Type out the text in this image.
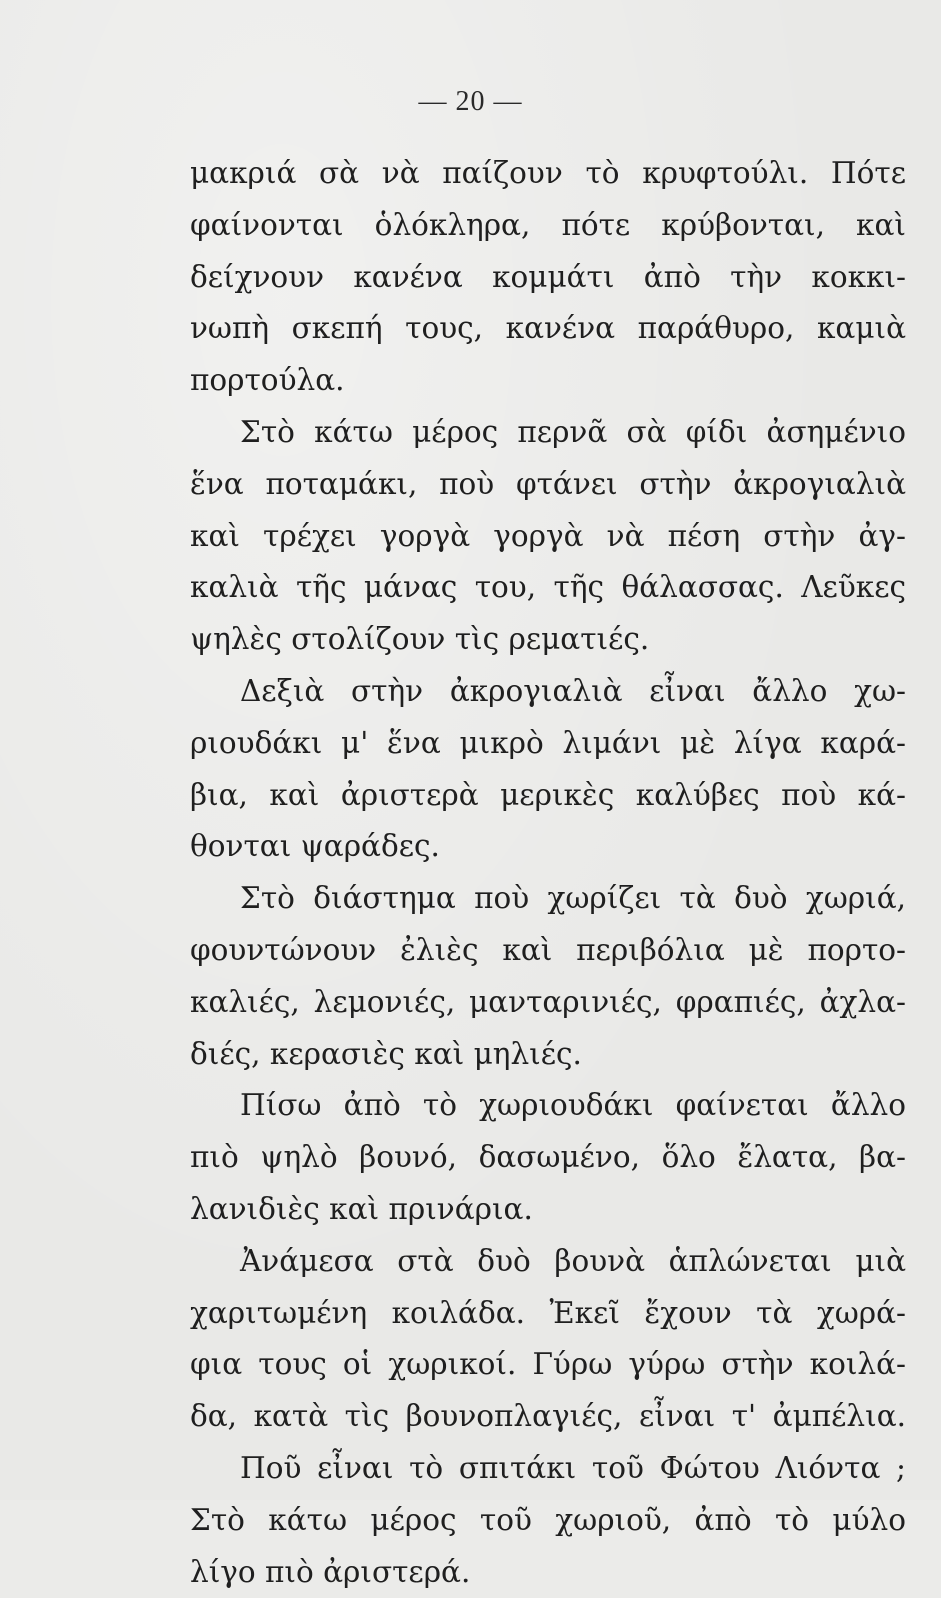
— 20 —
μακριά σὰ νὰ παίζουν τὸ κρυφτούλι. Πότε
φαίνονται ὁλόκληρα, πότε κρύβονται, καὶ
δείχνουν κανένα κομμάτι ἀπὸ τὴν κοκκι-
νωπὴ σκεπή τους, κανένα παράθυρο, καμιὰ
πορτούλα.
Στὸ κάτω μέρος περνᾶ σὰ φίδι ἀσημένιο
ἕνα ποταμάκι, ποὺ φτάνει στὴν ἀκρογιαλιὰ
καὶ τρέχει γοργὰ γοργὰ νὰ πέση στὴν ἀγ-
καλιὰ τῆς μάνας του, τῆς θάλασσας. Λεῦκες
ψηλὲς στολίζουν τὶς ρεματιές.
Δεξιὰ στὴν ἀκρογιαλιὰ εἶναι ἄλλο χω-
ριουδάκι μ' ἕνα μικρὸ λιμάνι μὲ λίγα καρά-
βια, καὶ ἀριστερὰ μερικὲς καλύβες ποὺ κά-
θονται ψαράδες.
Στὸ διάστημα ποὺ χωρίζει τὰ δυὸ χωριά,
φουντώνουν ἐλιὲς καὶ περιβόλια μὲ πορτο-
καλιές, λεμονιές, μανταρινιές, φραπιές, ἀχλα-
διές, κερασιὲς καὶ μηλιές.
Πίσω ἀπὸ τὸ χωριουδάκι φαίνεται ἄλλο
πιὸ ψηλὸ βουνό, δασωμένο, ὅλο ἔλατα, βα-
λανιδιὲς καὶ πρινάρια.
Ἀνάμεσα στὰ δυὸ βουνὰ ἁπλώνεται μιὰ
χαριτωμένη κοιλάδα. Ἐκεῖ ἔχουν τὰ χωρά-
φια τους οἱ χωρικοί. Γύρω γύρω στὴν κοιλά-
δα, κατὰ τὶς βουνοπλαγιές, εἶναι τ' ἀμπέλια.
Ποῦ εἶναι τὸ σπιτάκι τοῦ Φώτου Λιόντα ;
Στὸ κάτω μέρος τοῦ χωριοῦ, ἀπὸ τὸ μύλο
λίγο πιὸ ἀριστερά.
